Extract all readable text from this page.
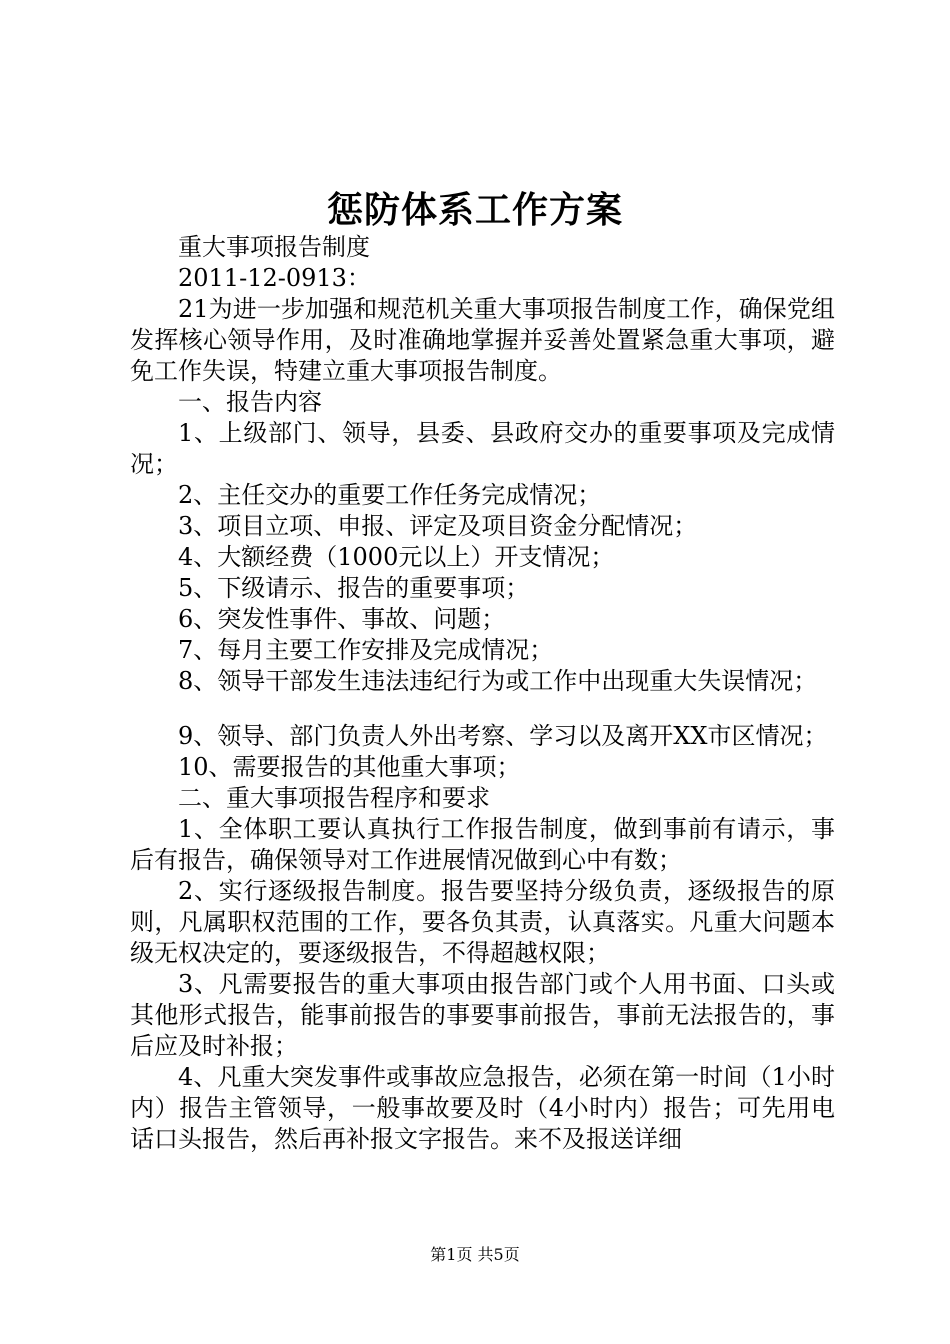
惩防体系工作方案

重大事项报告制度

2011-12-0913：

21为进一步加强和规范机关重大事项报告制度工作，确保党组发挥核心领导作用，及时准确地掌握并妥善处置紧急重大事项，避免工作失误，特建立重大事项报告制度。

一、报告内容

1、上级部门、领导，县委、县政府交办的重要事项及完成情况；

2、主任交办的重要工作任务完成情况；

3、项目立项、申报、评定及项目资金分配情况；

4、大额经费（1000元以上）开支情况；

5、下级请示、报告的重要事项；

6、突发性事件、事故、问题；

7、每月主要工作安排及完成情况；

8、领导干部发生违法违纪行为或工作中出现重大失误情况；

9、领导、部门负责人外出考察、学习以及离开XX市区情况；

10、需要报告的其他重大事项；

二、重大事项报告程序和要求

1、全体职工要认真执行工作报告制度，做到事前有请示，事后有报告，确保领导对工作进展情况做到心中有数；

2、实行逐级报告制度。报告要坚持分级负责，逐级报告的原则，凡属职权范围的工作，要各负其责，认真落实。凡重大问题本级无权决定的，要逐级报告，不得超越权限；

3、凡需要报告的重大事项由报告部门或个人用书面、口头或其他形式报告，能事前报告的事要事前报告，事前无法报告的，事后应及时补报；

4、凡重大突发事件或事故应急报告，必须在第一时间（1小时内）报告主管领导，一般事故要及时（4小时内）报告；可先用电话口头报告，然后再补报文字报告。来不及报送详细

第1页 共5页
